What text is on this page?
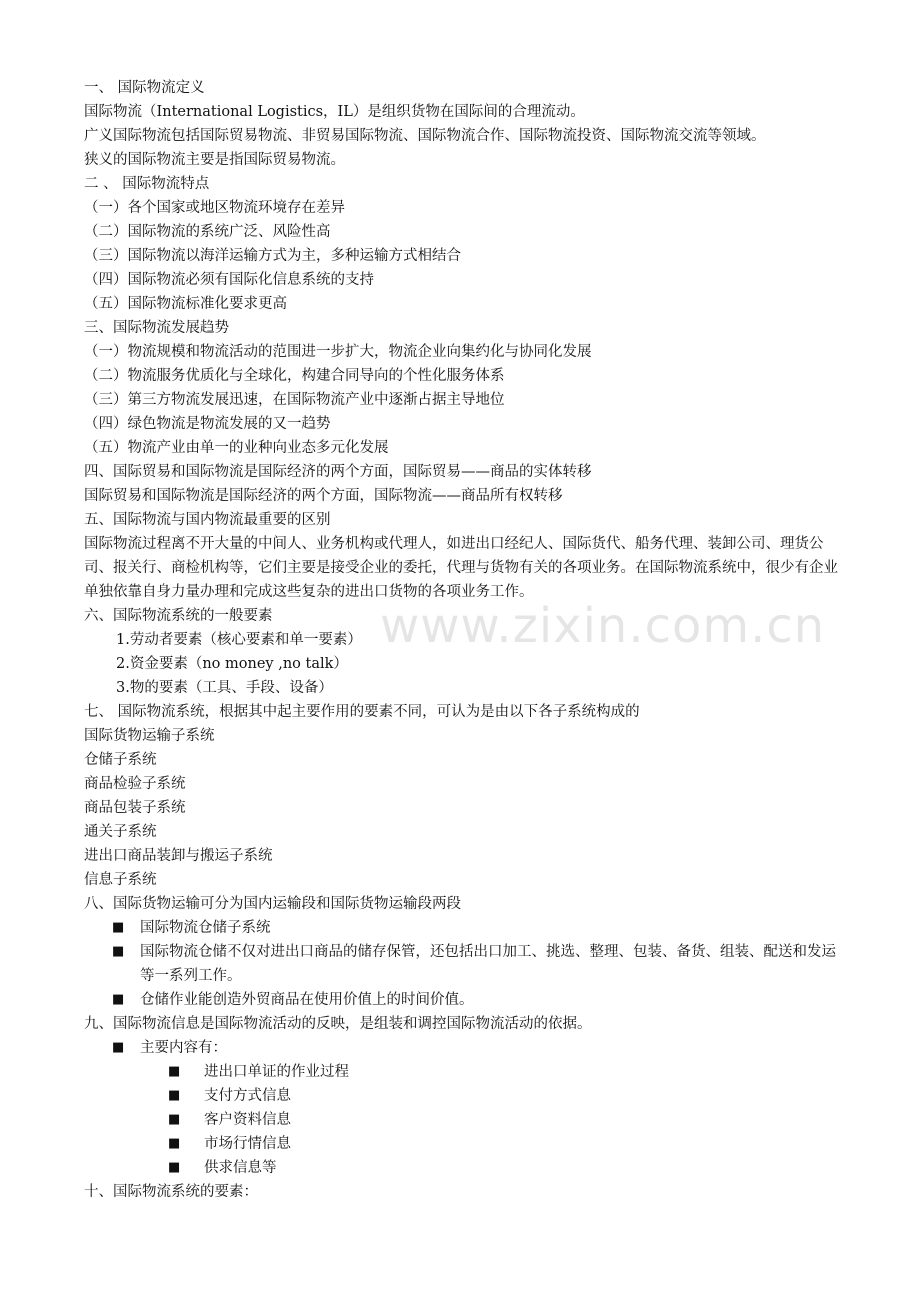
一、 国际物流定义
国际物流（International Logistics，IL）是组织货物在国际间的合理流动。
广义国际物流包括国际贸易物流、非贸易国际物流、国际物流合作、国际物流投资、国际物流交流等领域。
狭义的国际物流主要是指国际贸易物流。
二 、 国际物流特点
（一）各个国家或地区物流环境存在差异
（二）国际物流的系统广泛、风险性高
（三）国际物流以海洋运输方式为主，多种运输方式相结合
（四）国际物流必须有国际化信息系统的支持
（五）国际物流标准化要求更高
三、国际物流发展趋势
（一）物流规模和物流活动的范围进一步扩大，物流企业向集约化与协同化发展
（二）物流服务优质化与全球化，构建合同导向的个性化服务体系
（三）第三方物流发展迅速，在国际物流产业中逐渐占据主导地位
（四）绿色物流是物流发展的又一趋势
（五）物流产业由单一的业种向业态多元化发展
四、国际贸易和国际物流是国际经济的两个方面，国际贸易——商品的实体转移
国际贸易和国际物流是国际经济的两个方面，国际物流——商品所有权转移
五、国际物流与国内物流最重要的区别
国际物流过程离不开大量的中间人、业务机构或代理人，如进出口经纪人、国际货代、船务代理、装卸公司、理货公司、报关行、商检机构等，它们主要是接受企业的委托，代理与货物有关的各项业务。在国际物流系统中，很少有企业单独依靠自身力量办理和完成这些复杂的进出口货物的各项业务工作。
六、国际物流系统的一般要素
1.劳动者要素（核心要素和单一要素）
2.资金要素（no money ,no talk）
3.物的要素（工具、手段、设备）
七、 国际物流系统，根据其中起主要作用的要素不同，可认为是由以下各子系统构成的
国际货物运输子系统
仓储子系统
商品检验子系统
商品包装子系统
通关子系统
进出口商品装卸与搬运子系统
信息子系统
八、国际货物运输可分为国内运输段和国际货物运输段两段
■ 国际物流仓储子系统
■ 国际物流仓储不仅对进出口商品的储存保管，还包括出口加工、挑选、整理、包装、备货、组装、配送和发运等一系列工作。
■ 仓储作业能创造外贸商品在使用价值上的时间价值。
九、国际物流信息是国际物流活动的反映，是组装和调控国际物流活动的依据。
■ 主要内容有：
■ 进出口单证的作业过程
■ 支付方式信息
■ 客户资料信息
■ 市场行情信息
■ 供求信息等
十、国际物流系统的要素：
www.zixin.com.cn
